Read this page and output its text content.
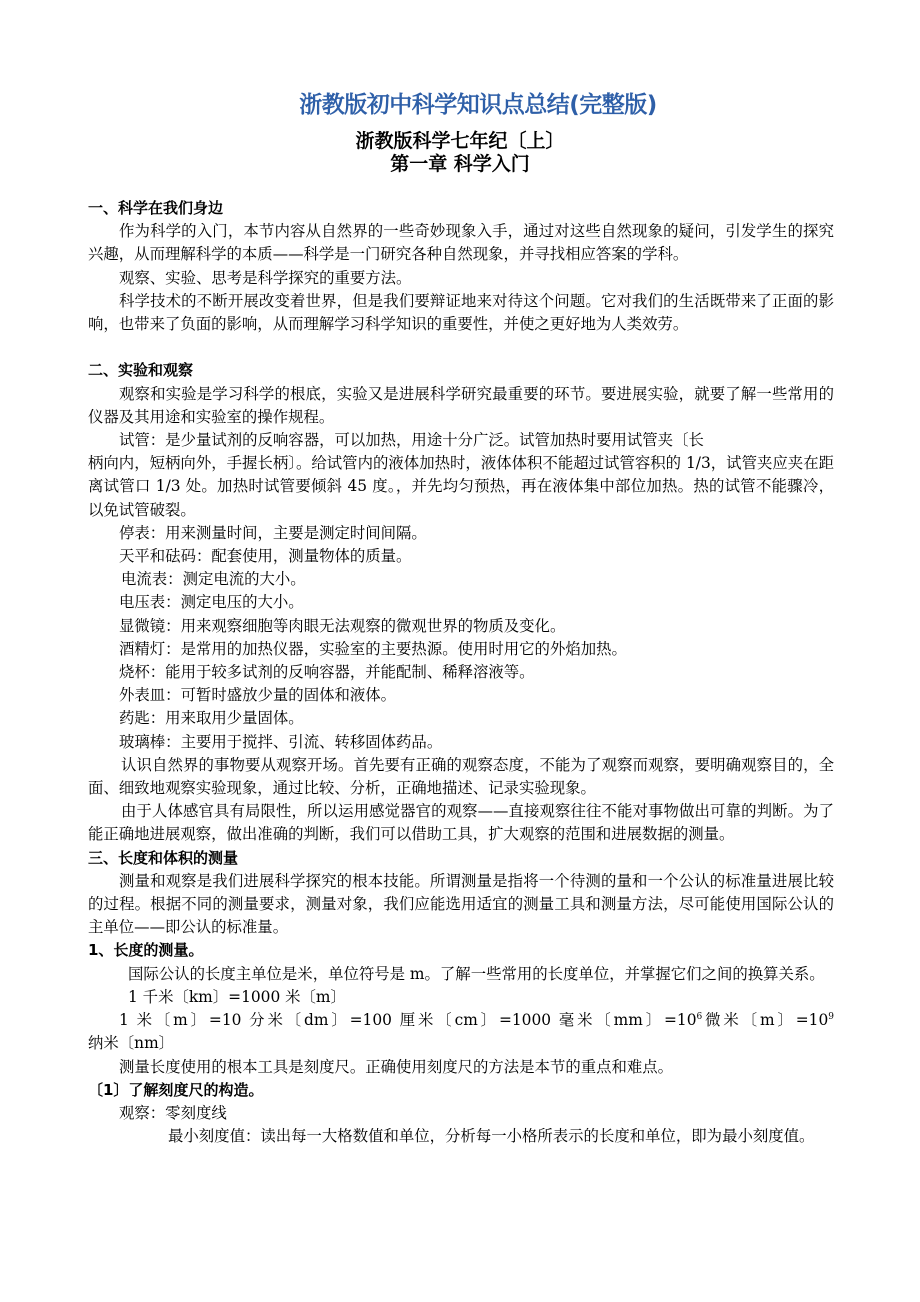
浙教版初中科学知识点总结(完整版)
浙教版科学七年纪〔上〕
第一章 科学入门
一、科学在我们身边
作为科学的入门，本节内容从自然界的一些奇妙现象入手，通过对这些自然现象的疑问，引发学生的探究兴趣，从而理解科学的本质——科学是一门研究各种自然现象，并寻找相应答案的学科。
观察、实验、思考是科学探究的重要方法。
科学技术的不断开展改变着世界，但是我们要辩证地来对待这个问题。它对我们的生活既带来了正面的影响，也带来了负面的影响，从而理解学习科学知识的重要性，并使之更好地为人类效劳。
二、实验和观察
观察和实验是学习科学的根底，实验又是进展科学研究最重要的环节。要进展实验，就要了解一些常用的仪器及其用途和实验室的操作规程。
试管：是少量试剂的反响容器，可以加热，用途十分广泛。试管加热时要用试管夹〔长
柄向内，短柄向外，手握长柄〕。给试管内的液体加热时，液体体积不能超过试管容积的 1/3，试管夹应夹在距离试管口 1/3 处。加热时试管要倾斜 45 度。，并先均匀预热，再在液体集中部位加热。热的试管不能骤冷，以免试管破裂。
停表：用来测量时间，主要是测定时间间隔。
天平和砝码：配套使用，测量物体的质量。
电流表：测定电流的大小。
电压表：测定电压的大小。
显微镜：用来观察细胞等肉眼无法观察的微观世界的物质及变化。
酒精灯：是常用的加热仪器，实验室的主要热源。使用时用它的外焰加热。
烧杯：能用于较多试剂的反响容器，并能配制、稀释溶液等。
外表皿：可暂时盛放少量的固体和液体。
药匙：用来取用少量固体。
玻璃棒：主要用于搅拌、引流、转移固体药品。
认识自然界的事物要从观察开场。首先要有正确的观察态度，不能为了观察而观察，要明确观察目的，全面、细致地观察实验现象，通过比较、分析，正确地描述、记录实验现象。
由于人体感官具有局限性，所以运用感觉器官的观察——直接观察往往不能对事物做出可靠的判断。为了能正确地进展观察，做出准确的判断，我们可以借助工具，扩大观察的范围和进展数据的测量。
三、长度和体积的测量
测量和观察是我们进展科学探究的根本技能。所谓测量是指将一个待测的量和一个公认的标准量进展比较的过程。根据不同的测量要求，测量对象，我们应能选用适宜的测量工具和测量方法，尽可能使用国际公认的主单位——即公认的标准量。
1、长度的测量。
国际公认的长度主单位是米，单位符号是 m。了解一些常用的长度单位，并掌握它们之间的换算关系。
1 千米〔km〕=1000 米〔m〕
1 米〔m〕=10 分米〔dm〕=100 厘米〔cm〕=1000 毫米〔mm〕$=10^6$微米〔m〕$=10^9$纳米〔nm〕
测量长度使用的根本工具是刻度尺。正确使用刻度尺的方法是本节的重点和难点。
〔1〕了解刻度尺的构造。
观察：零刻度线
最小刻度值：读出每一大格数值和单位，分析每一小格所表示的长度和单位，即为最小刻度值。
